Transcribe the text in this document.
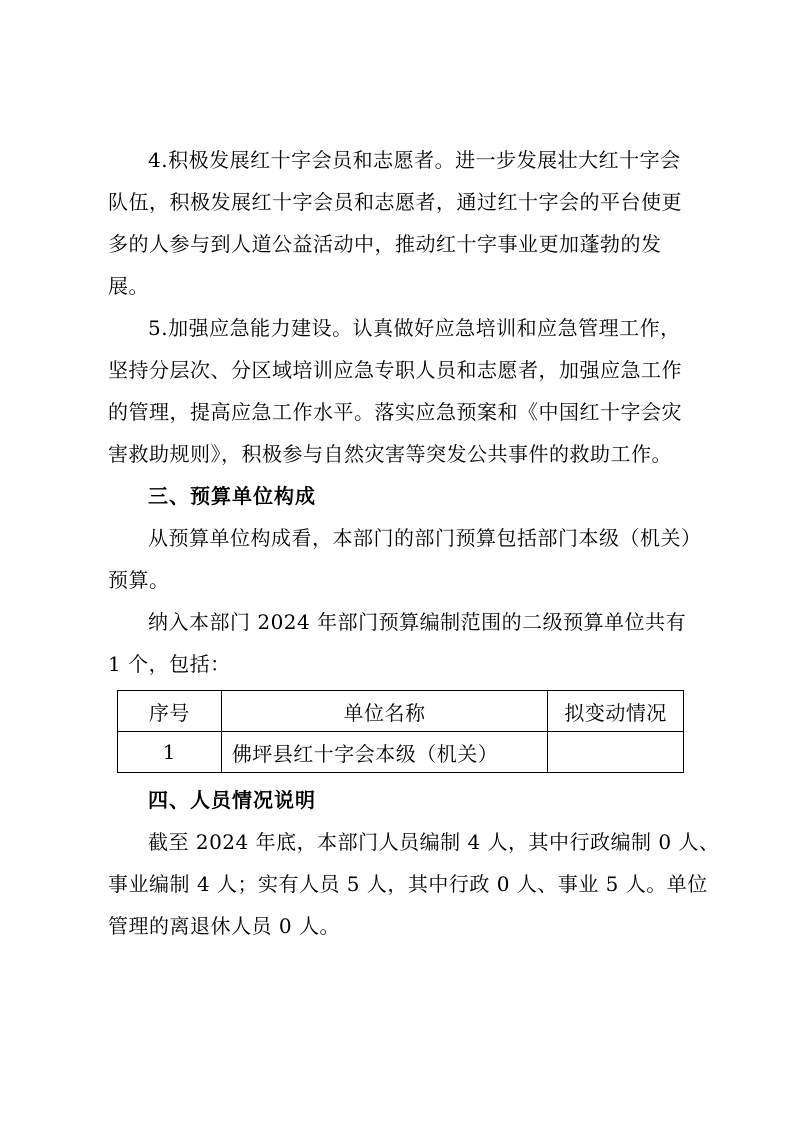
4.积极发展红十字会员和志愿者。进一步发展壮大红十字会
队伍，积极发展红十字会员和志愿者，通过红十字会的平台使更
多的人参与到人道公益活动中，推动红十字事业更加蓬勃的发
展。
5.加强应急能力建设。认真做好应急培训和应急管理工作，
坚持分层次、分区域培训应急专职人员和志愿者，加强应急工作
的管理，提高应急工作水平。落实应急预案和《中国红十字会灾
害救助规则》，积极参与自然灾害等突发公共事件的救助工作。
三、预算单位构成
从预算单位构成看，本部门的部门预算包括部门本级（机关）
预算。
纳入本部门 2024 年部门预算编制范围的二级预算单位共有
1 个，包括：
序号	单位名称	拟变动情况
1	佛坪县红十字会本级（机关）	
四、人员情况说明
截至 2024 年底，本部门人员编制 4 人，其中行政编制 0 人、
事业编制 4 人；实有人员 5 人，其中行政 0 人、事业 5 人。单位
管理的离退休人员 0 人。
